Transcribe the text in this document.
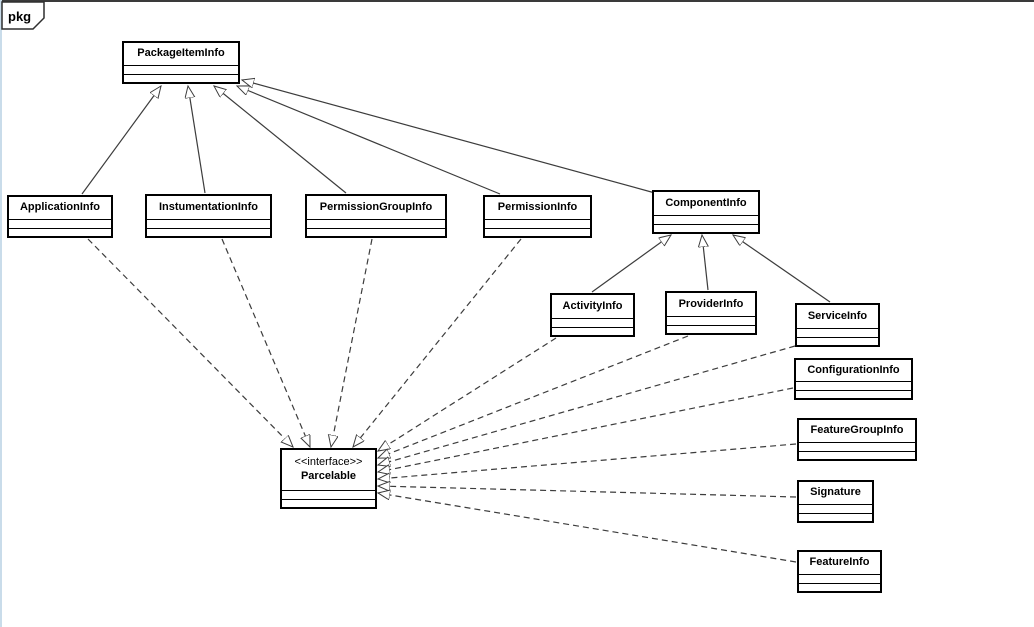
pkg
PackageItemInfo
ApplicationInfo	InstumentationInfo	PermissionGroupInfo	PermissionInfo	ComponentInfo
ActivityInfo	ProviderInfo
ServiceInfo
ConfigurationInfo
FeatureGroupInfo
Signature
FeatureInfo
<<interface>>
Parcelable
